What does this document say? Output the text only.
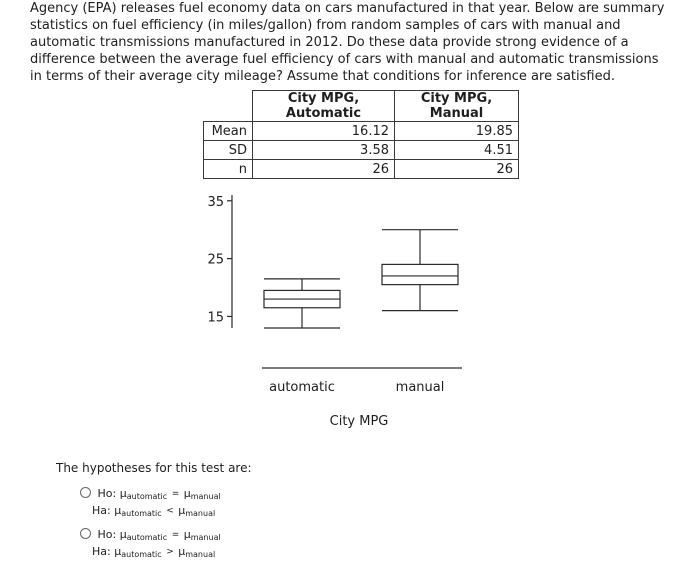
Agency (EPA) releases fuel economy data on cars manufactured in that year. Below are summary statistics on fuel efficiency (in miles/gallon) from random samples of cars with manual and automatic transmissions manufactured in 2012. Do these data provide strong evidence of a difference between the average fuel efficiency of cars with manual and automatic transmissions in terms of their average city mileage? Assume that conditions for inference are satisfied.

	City MPG, Automatic	City MPG, Manual
Mean	16.12	19.85
SD	3.58	4.51
n	26	26
35
25
15
automatic	manual
City MPG

The hypotheses for this test are:

Ho: $\mu_{automatic} = \mu_{manual}$
Ha: $\mu_{automatic} < \mu_{manual}$
Ho: $\mu_{automatic} = \mu_{manual}$
Ha: $\mu_{automatic} > \mu_{manual}$
